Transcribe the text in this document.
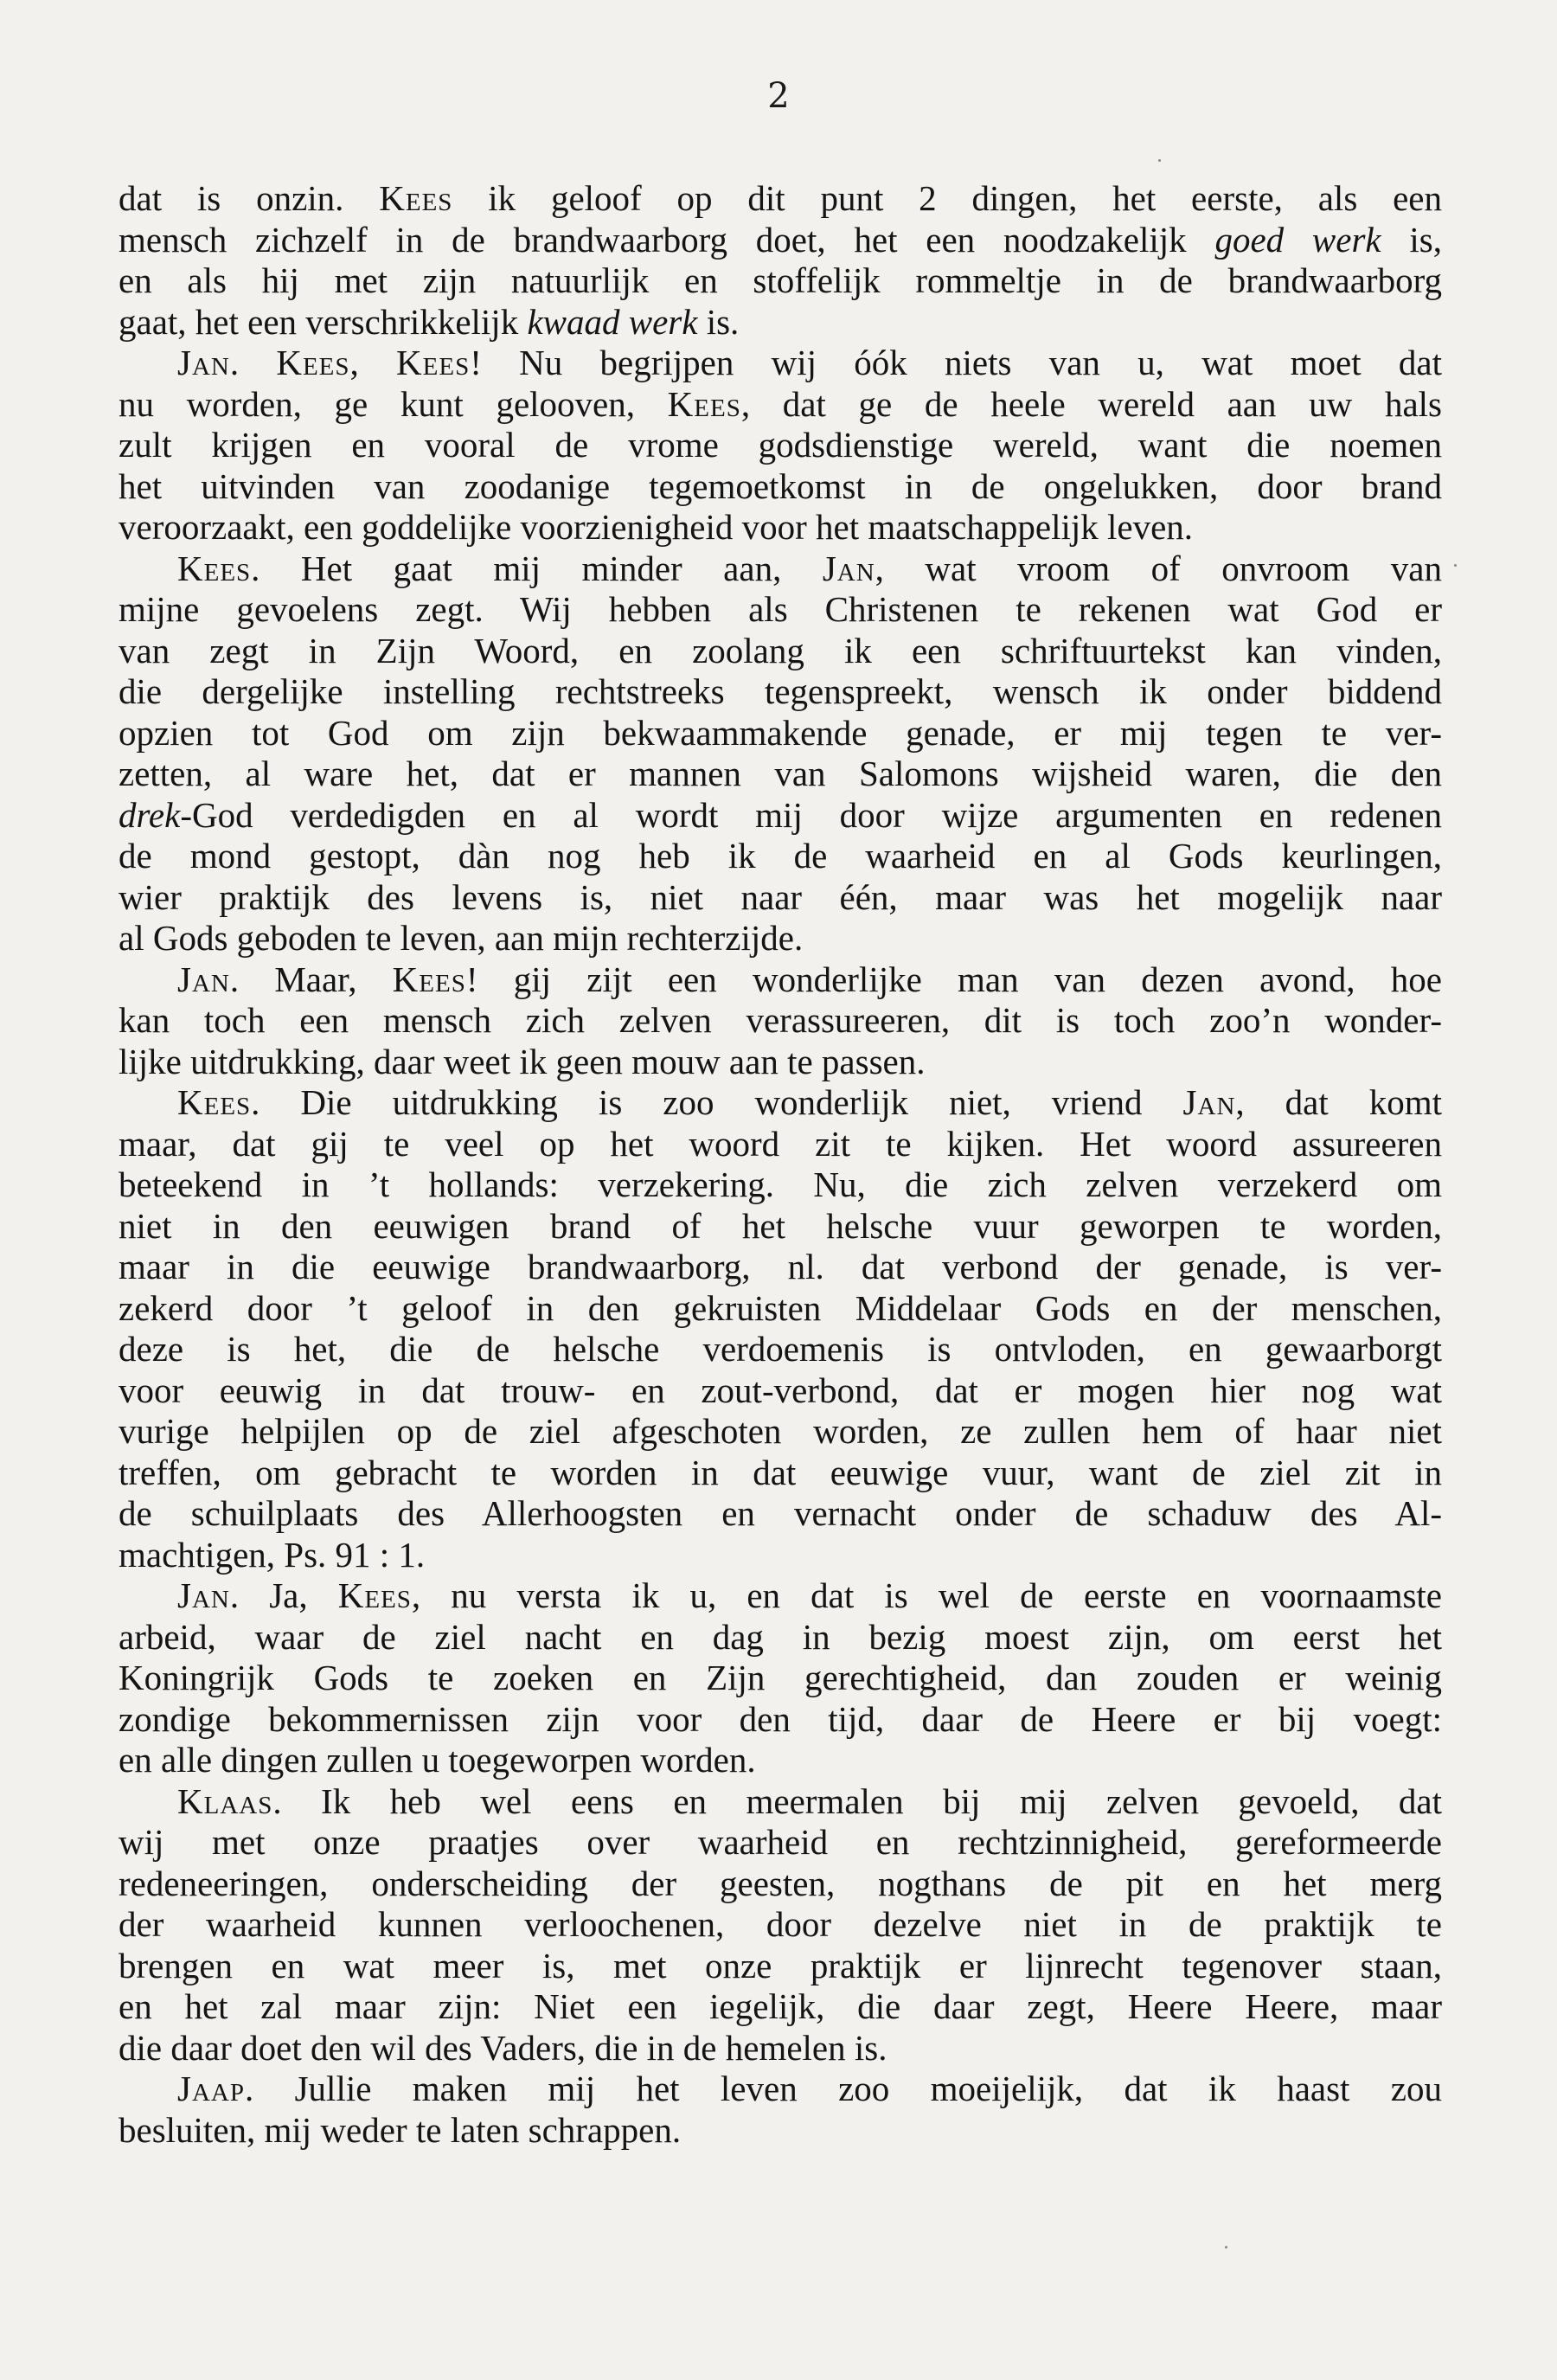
2
dat is onzin. Kees ik geloof op dit punt 2 dingen, het eerste, als een
mensch zichzelf in de brandwaarborg doet, het een noodzakelijk goed werk is,
en als hij met zijn natuurlijk en stoffelijk rommeltje in de brandwaarborg
gaat, het een verschrikkelijk kwaad werk is.
Jan. Kees, Kees! Nu begrijpen wij óók niets van u, wat moet dat
nu worden, ge kunt gelooven, Kees, dat ge de heele wereld aan uw hals
zult krijgen en vooral de vrome godsdienstige wereld, want die noemen
het uitvinden van zoodanige tegemoetkomst in de ongelukken, door brand
veroorzaakt, een goddelijke voorzienigheid voor het maatschappelijk leven.
Kees. Het gaat mij minder aan, Jan, wat vroom of onvroom van
mijne gevoelens zegt. Wij hebben als Christenen te rekenen wat God er
van zegt in Zijn Woord, en zoolang ik een schriftuurtekst kan vinden,
die dergelijke instelling rechtstreeks tegenspreekt, wensch ik onder biddend
opzien tot God om zijn bekwaammakende genade, er mij tegen te ver-
zetten, al ware het, dat er mannen van Salomons wijsheid waren, die den
drek-God verdedigden en al wordt mij door wijze argumenten en redenen
de mond gestopt, dàn nog heb ik de waarheid en al Gods keurlingen,
wier praktijk des levens is, niet naar één, maar was het mogelijk naar
al Gods geboden te leven, aan mijn rechterzijde.
Jan. Maar, Kees! gij zijt een wonderlijke man van dezen avond, hoe
kan toch een mensch zich zelven verassureeren, dit is toch zoo’n wonder-
lijke uitdrukking, daar weet ik geen mouw aan te passen.
Kees. Die uitdrukking is zoo wonderlijk niet, vriend Jan, dat komt
maar, dat gij te veel op het woord zit te kijken. Het woord assureeren
beteekend in ’t hollands: verzekering. Nu, die zich zelven verzekerd om
niet in den eeuwigen brand of het helsche vuur geworpen te worden,
maar in die eeuwige brandwaarborg, nl. dat verbond der genade, is ver-
zekerd door ’t geloof in den gekruisten Middelaar Gods en der menschen,
deze is het, die de helsche verdoemenis is ontvloden, en gewaarborgt
voor eeuwig in dat trouw- en zout-verbond, dat er mogen hier nog wat
vurige helpijlen op de ziel afgeschoten worden, ze zullen hem of haar niet
treffen, om gebracht te worden in dat eeuwige vuur, want de ziel zit in
de schuilplaats des Allerhoogsten en vernacht onder de schaduw des Al-
machtigen, Ps. 91 : 1.
Jan. Ja, Kees, nu versta ik u, en dat is wel de eerste en voornaamste
arbeid, waar de ziel nacht en dag in bezig moest zijn, om eerst het
Koningrijk Gods te zoeken en Zijn gerechtigheid, dan zouden er weinig
zondige bekommernissen zijn voor den tijd, daar de Heere er bij voegt:
en alle dingen zullen u toegeworpen worden.
Klaas. Ik heb wel eens en meermalen bij mij zelven gevoeld, dat
wij met onze praatjes over waarheid en rechtzinnigheid, gereformeerde
redeneeringen, onderscheiding der geesten, nogthans de pit en het merg
der waarheid kunnen verloochenen, door dezelve niet in de praktijk te
brengen en wat meer is, met onze praktijk er lijnrecht tegenover staan,
en het zal maar zijn: Niet een iegelijk, die daar zegt, Heere Heere, maar
die daar doet den wil des Vaders, die in de hemelen is.
Jaap. Jullie maken mij het leven zoo moeijelijk, dat ik haast zou
besluiten, mij weder te laten schrappen.
